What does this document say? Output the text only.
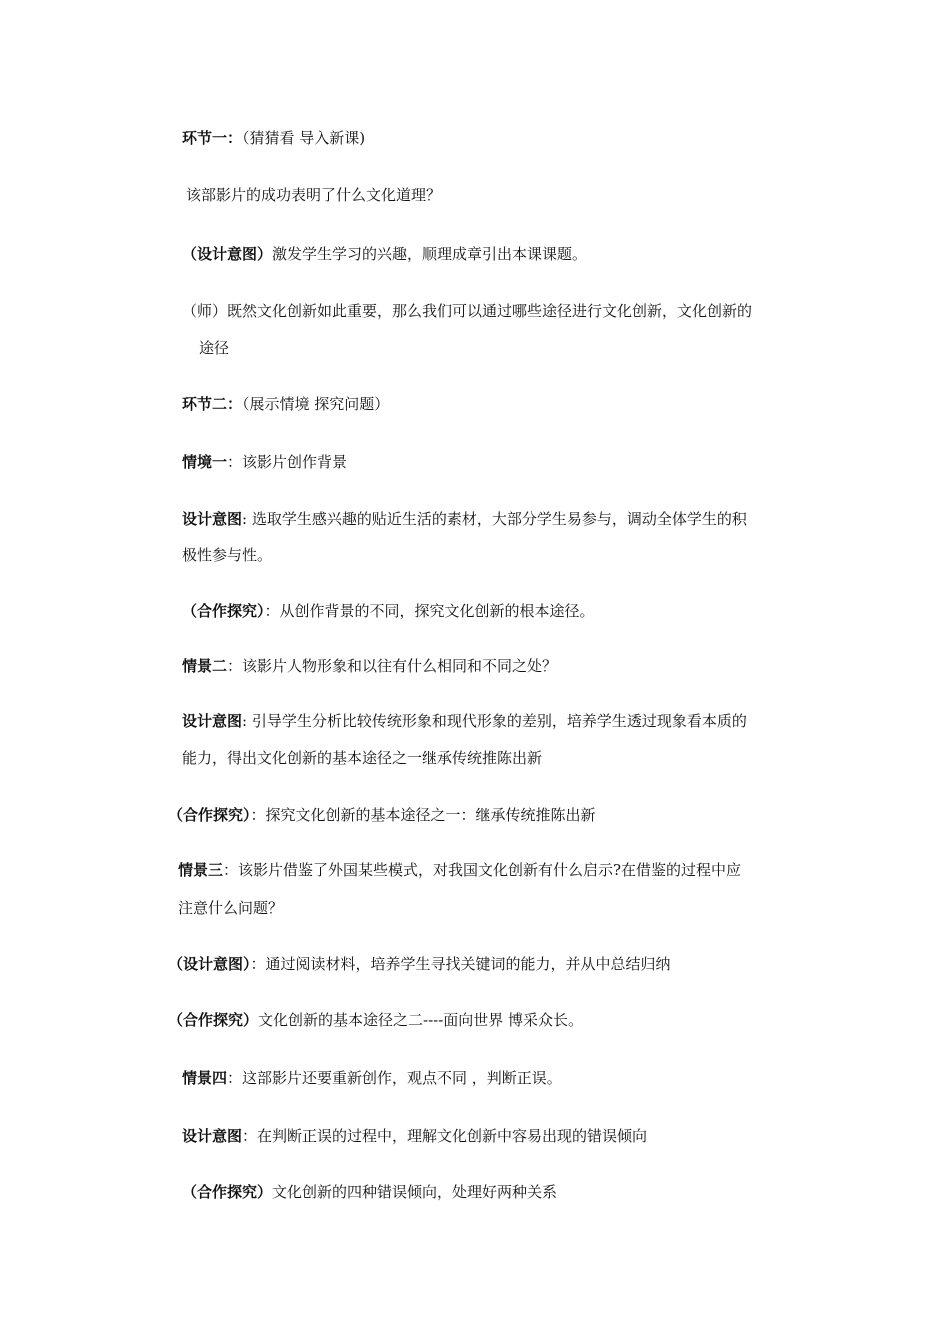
环节一：（猜猜看 导入新课)
该部影片的成功表明了什么文化道理？
（设计意图）激发学生学习的兴趣，顺理成章引出本课课题。
（师）既然文化创新如此重要，那么我们可以通过哪些途径进行文化创新，文化创新的
途径
环节二：（展示情境 探究问题）
情境一：该影片创作背景
设计意图: 选取学生感兴趣的贴近生活的素材，大部分学生易参与，调动全体学生的积
极性参与性。
（合作探究）：从创作背景的不同，探究文化创新的根本途径。
情景二：该影片人物形象和以往有什么相同和不同之处？
设计意图: 引导学生分析比较传统形象和现代形象的差别，培养学生透过现象看本质的
能力，得出文化创新的基本途径之一继承传统推陈出新
（合作探究）：探究文化创新的基本途径之一：继承传统推陈出新
情景三：该影片借鉴了外国某些模式，对我国文化创新有什么启示?在借鉴的过程中应
注意什么问题？
（设计意图）：通过阅读材料，培养学生寻找关键词的能力，并从中总结归纳
（合作探究）文化创新的基本途径之二----面向世界 博采众长。
情景四：这部影片还要重新创作，观点不同 ，判断正误。
设计意图：在判断正误的过程中，理解文化创新中容易出现的错误倾向
（合作探究）文化创新的四种错误倾向，处理好两种关系
